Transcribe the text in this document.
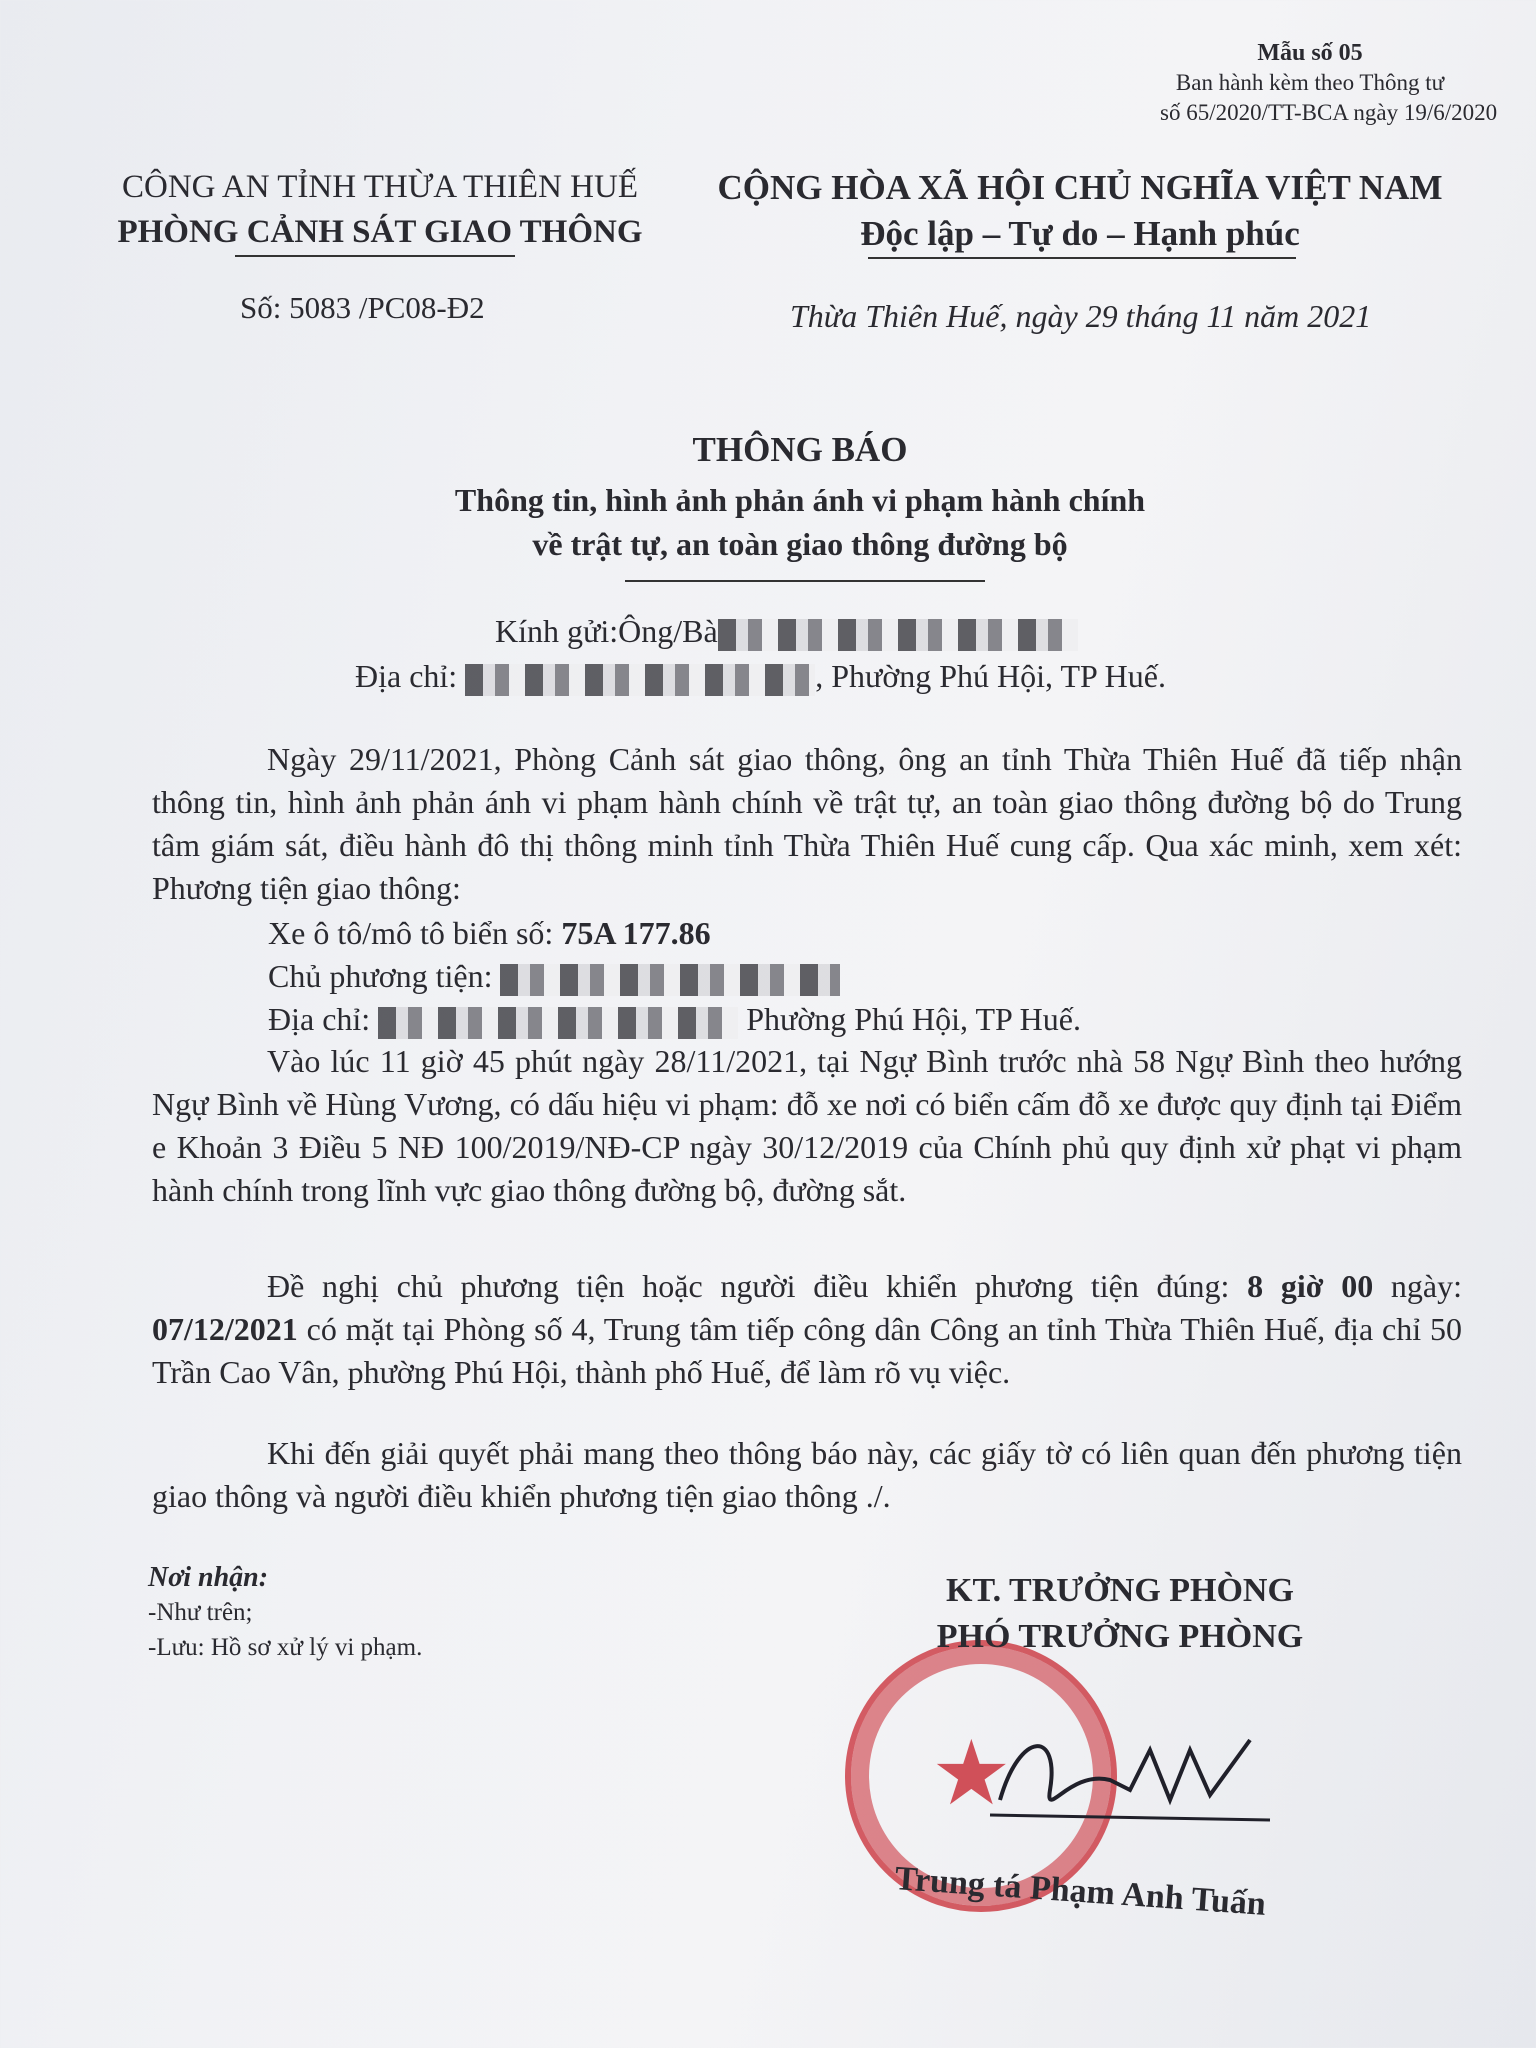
Mẫu số 05
Ban hành kèm theo Thông tư
số 65/2020/TT-BCA ngày 19/6/2020
CÔNG AN TỈNH THỪA THIÊN HUẾ
PHÒNG CẢNH SÁT GIAO THÔNG
CỘNG HÒA XÃ HỘI CHỦ NGHĨA VIỆT NAM
Độc lập – Tự do – Hạnh phúc
Số: 5083 /PC08-Đ2	Thừa Thiên Huế, ngày 29 tháng 11 năm 2021
THÔNG BÁO
Thông tin, hình ảnh phản ánh vi phạm hành chính
về trật tự, an toàn giao thông đường bộ
Kính gửi:Ông/Bà
Địa chỉ:	, Phường Phú Hội, TP Huế.
Ngày 29/11/2021, Phòng Cảnh sát giao thông, ông an tỉnh Thừa Thiên Huế đã tiếp nhận thông tin, hình ảnh phản ánh vi phạm hành chính về trật tự, an toàn giao thông đường bộ do Trung tâm giám sát, điều hành đô thị thông minh tỉnh Thừa Thiên Huế cung cấp. Qua xác minh, xem xét: Phương tiện giao thông:
Xe ô tô/mô tô biển số: 75A 177.86
Chủ phương tiện:
Địa chỉ:	Phường Phú Hội, TP Huế.
Vào lúc 11 giờ 45 phút ngày 28/11/2021, tại Ngự Bình trước nhà 58 Ngự Bình theo hướng Ngự Bình về Hùng Vương, có dấu hiệu vi phạm: đỗ xe nơi có biển cấm đỗ xe được quy định tại Điểm e Khoản 3 Điều 5 NĐ 100/2019/NĐ-CP ngày 30/12/2019 của Chính phủ quy định xử phạt vi phạm hành chính trong lĩnh vực giao thông đường bộ, đường sắt.
Đề nghị chủ phương tiện hoặc người điều khiển phương tiện đúng: 8 giờ 00 ngày: 07/12/2021 có mặt tại Phòng số 4, Trung tâm tiếp công dân Công an tỉnh Thừa Thiên Huế, địa chỉ 50 Trần Cao Vân, phường Phú Hội, thành phố Huế, để làm rõ vụ việc.
Khi đến giải quyết phải mang theo thông báo này, các giấy tờ có liên quan đến phương tiện giao thông và người điều khiển phương tiện giao thông ./.
Nơi nhận:
-Như trên;
-Lưu: Hồ sơ xử lý vi phạm.
★
KT. TRƯỞNG PHÒNG
PHÓ TRƯỞNG PHÒNG
Trung tá Phạm Anh Tuấn
